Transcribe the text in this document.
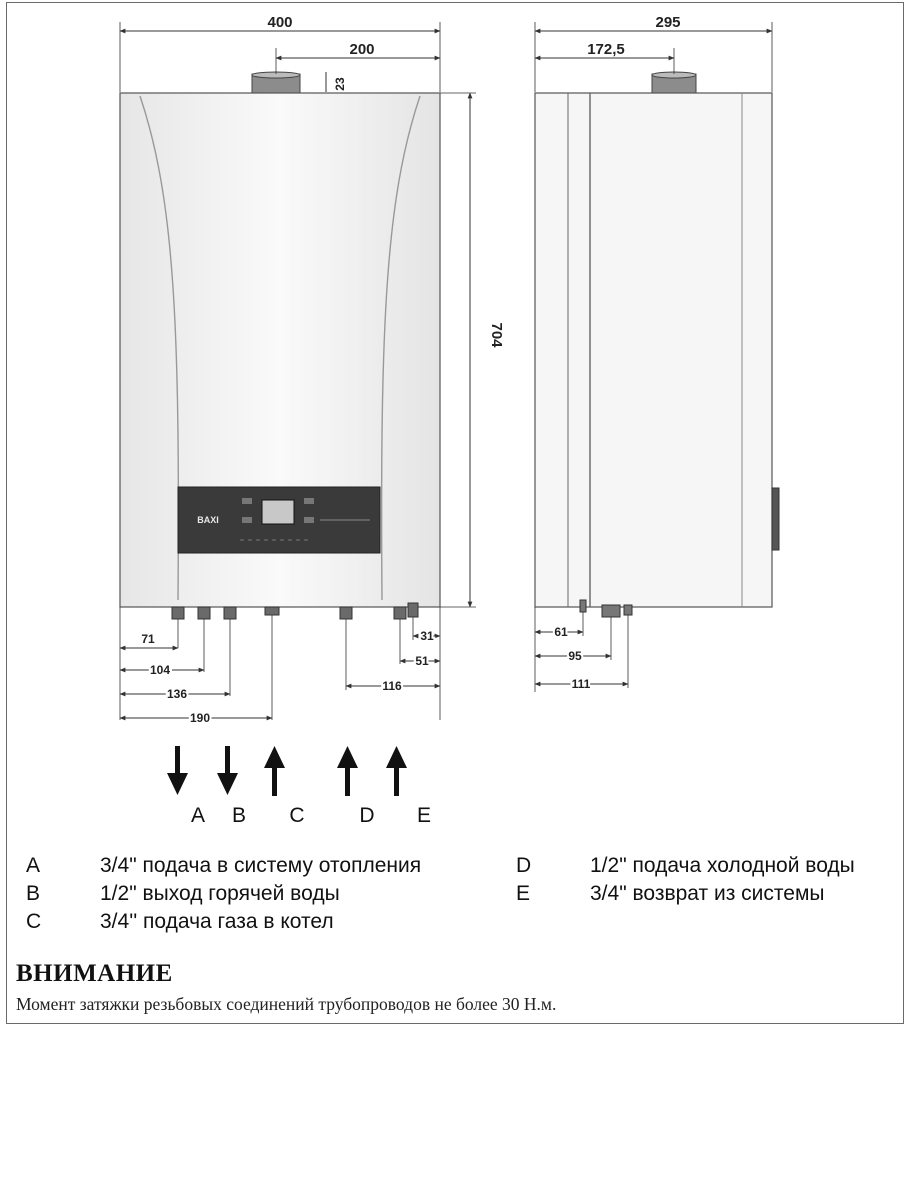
BAXI
400
200
23
704
71
104
136
190
116
51
31
295
172,5
61
95
111
A B C	D E
A	3/4" подача в систему отопления
B	1/2" выход горячей воды
C	3/4'' подача газа в котел
D	1/2" подача холодной воды
E	3/4" возврат из системы
ВНИМАНИЕ
Момент затяжки резьбовых соединений трубопроводов не более 30 Н.м.
